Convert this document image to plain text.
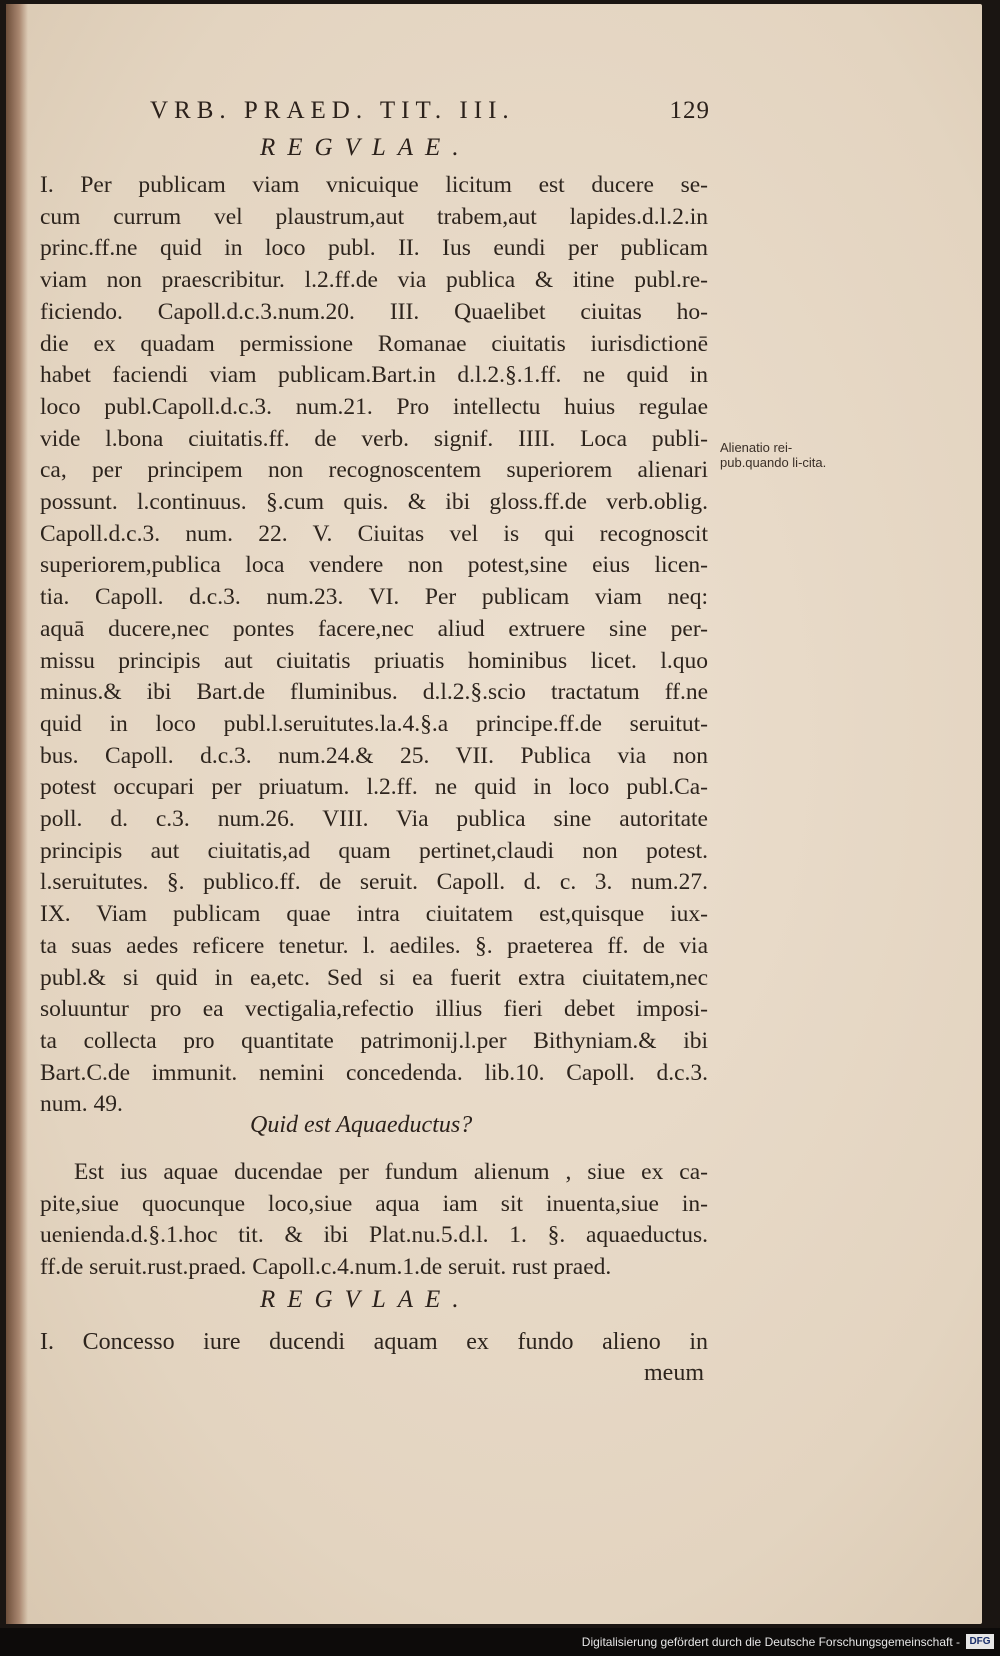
VRB. PRAED. TIT. III.	129
REGVLAE.
I. Per publicam viam vnicuique licitum est ducere se-
cum currum vel plaustrum,aut trabem,aut lapides.d.l.2.in
princ.ff.ne quid in loco publ. II. Ius eundi per publicam
viam non praescribitur. l.2.ff.de via publica & itine publ.re-
ficiendo. Capoll.d.c.3.num.20. III. Quaelibet ciuitas ho-
die ex quadam permissione Romanae ciuitatis iurisdictionē
habet faciendi viam publicam.Bart.in d.l.2.§.1.ff. ne quid in
loco publ.Capoll.d.c.3. num.21. Pro intellectu huius regulae
vide l.bona ciuitatis.ff. de verb. signif. IIII. Loca publi-
ca, per principem non recognoscentem superiorem alienari
possunt. l.continuus. §.cum quis. & ibi gloss.ff.de verb.oblig.
Capoll.d.c.3. num. 22. V. Ciuitas vel is qui recognoscit
superiorem,publica loca vendere non potest,sine eius licen-
tia. Capoll. d.c.3. num.23. VI. Per publicam viam neq:
aquā ducere,nec pontes facere,nec aliud extruere sine per-
missu principis aut ciuitatis priuatis hominibus licet. l.quo
minus.& ibi Bart.de fluminibus. d.l.2.§.scio tractatum ff.ne
quid in loco publ.l.seruitutes.la.4.§.a principe.ff.de seruitut-
bus. Capoll. d.c.3. num.24.& 25. VII. Publica via non
potest occupari per priuatum. l.2.ff. ne quid in loco publ.Ca-
poll. d. c.3. num.26. VIII. Via publica sine autoritate
principis aut ciuitatis,ad quam pertinet,claudi non potest.
l.seruitutes. §. publico.ff. de seruit. Capoll. d. c. 3. num.27.
IX. Viam publicam quae intra ciuitatem est,quisque iux-
ta suas aedes reficere tenetur. l. aediles. §. praeterea ff. de via
publ.& si quid in ea,etc. Sed si ea fuerit extra ciuitatem,nec
soluuntur pro ea vectigalia,refectio illius fieri debet imposi-
ta collecta pro quantitate patrimonij.l.per Bithyniam.& ibi
Bart.C.de immunit. nemini concedenda. lib.10. Capoll. d.c.3.
num. 49.
Alienatio rei-pub.quando li-cita.
Quid est Aquaeductus?
Est ius aquae ducendae per fundum alienum , siue ex ca-
pite,siue quocunque loco,siue aqua iam sit inuenta,siue in-
uenienda.d.§.1.hoc tit. & ibi Plat.nu.5.d.l. 1. §. aquaeductus.
ff.de seruit.rust.praed. Capoll.c.4.num.1.de seruit. rust praed.
REGVLAE.
I. Concesso iure ducendi aquam ex fundo alieno in
meum
Digitalisierung gefördert durch die Deutsche Forschungsgemeinschaft - DFG
